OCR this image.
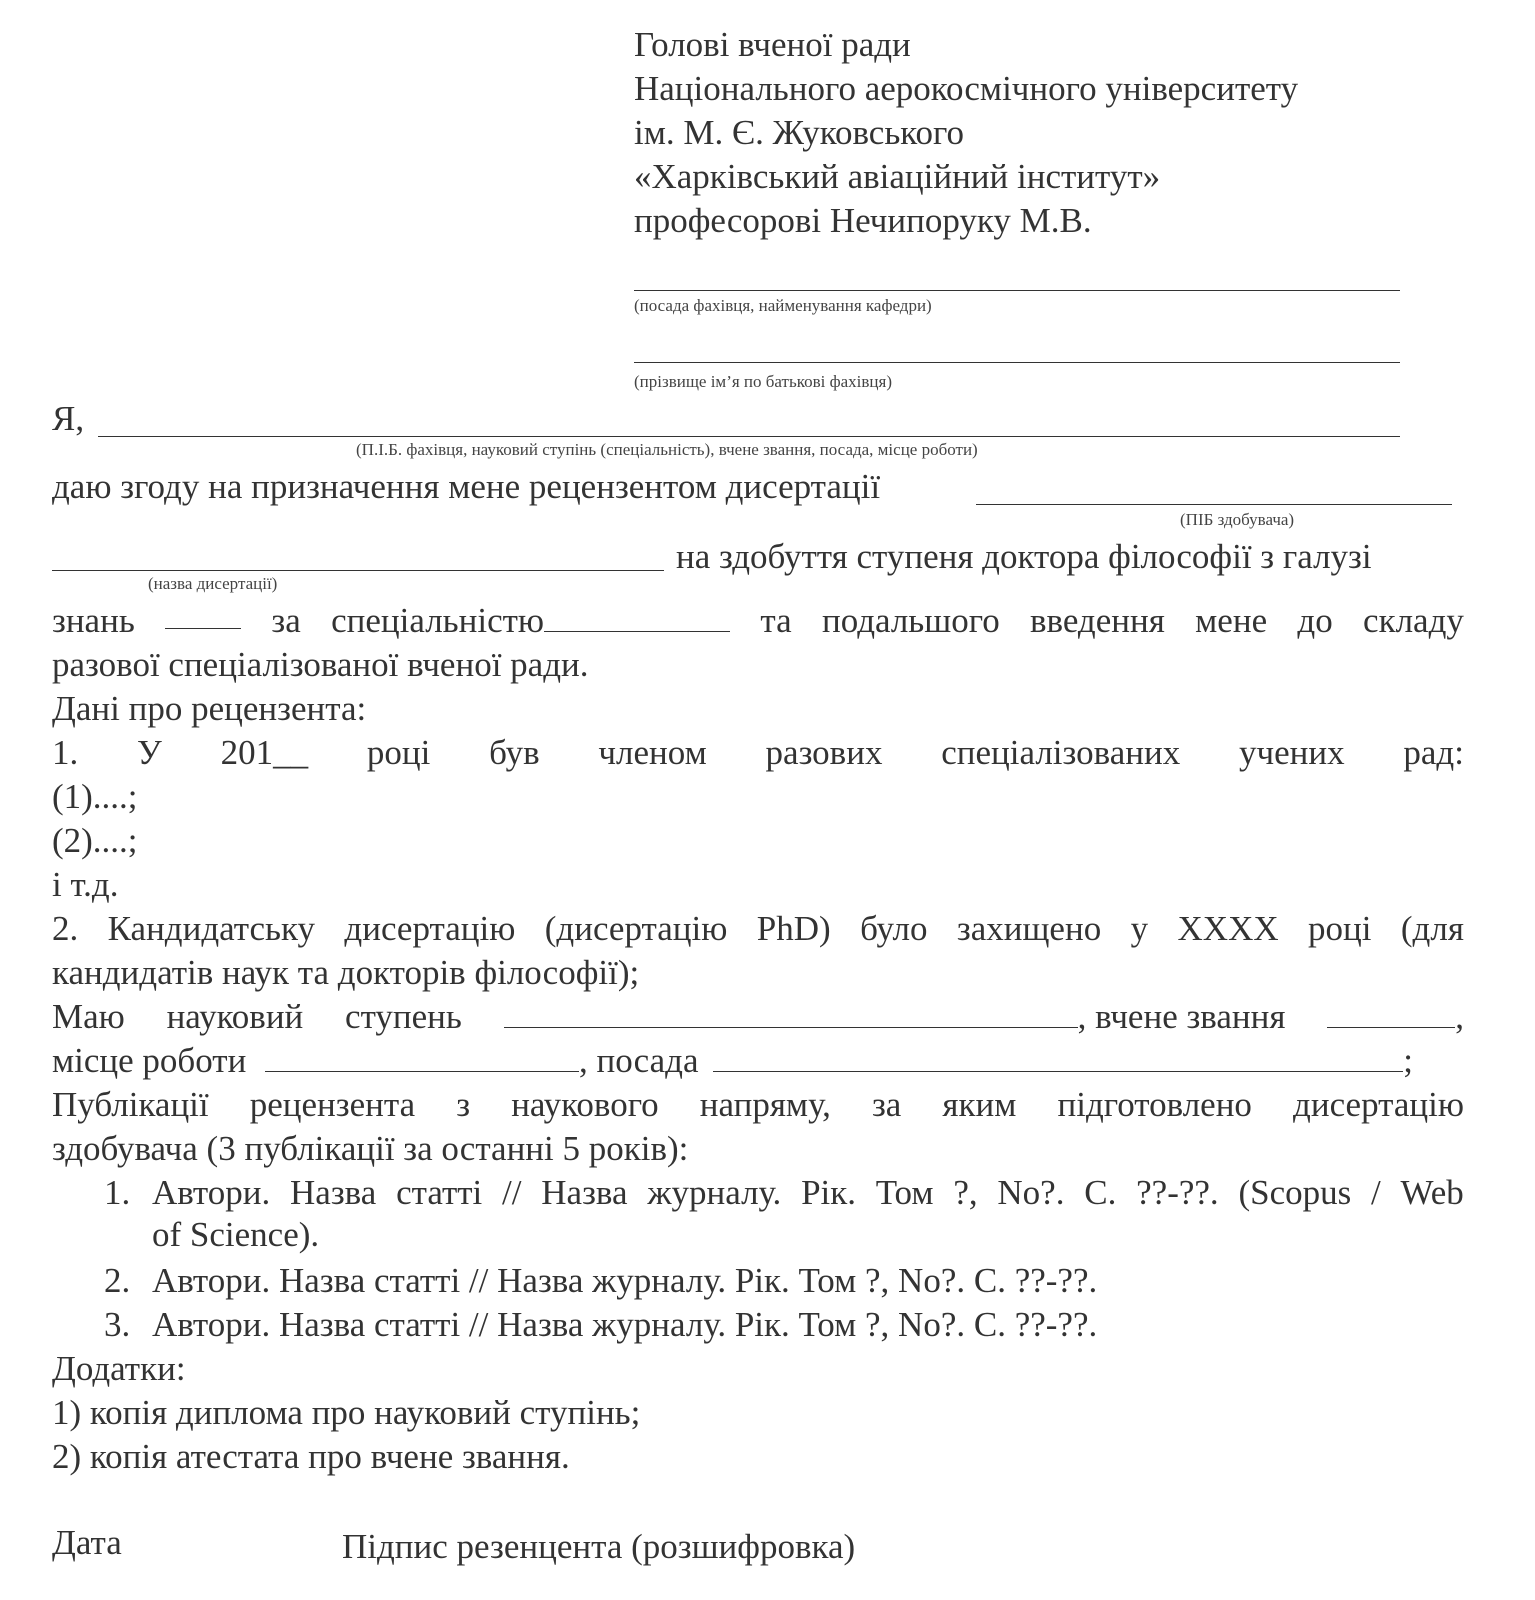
Голові вченої ради
Національного аерокосмічного університету
ім. М. Є. Жуковського
«Харківський авіаційний інститут»
професорові Нечипоруку М.В.
(посада фахівця, найменування кафедри)
(прізвище ім’я по батькові фахівця)
Я,
(П.І.Б. фахівця, науковий ступінь (спеціальність), вчене звання, посада, місце роботи)
даю згоду на призначення мене рецензентом дисертації
(ПІБ здобувача)
на здобуття ступеня доктора філософії з галузі
(назва дисертації)
знань	за спеціальністю	та подальшого введення мене до складу
разової спеціалізованої вченої ради.
Дані про рецензента:
1. У 201__ році був членом разових спеціалізованих учених рад:
(1)....;
(2)....;
і т.д.
2. Кандидатську дисертацію (дисертацію PhD) було захищено у XXXX році (для
кандидатів наук та докторів філософії);
Маю науковий ступень	, вчене звання	,
місце роботи	, посада	;
Публікації рецензента з наукового напряму, за яким підготовлено дисертацію
здобувача (3 публікації за останні 5 років):
1. Автори. Назва статті // Назва журналу. Рік. Том ?, No?. С. ??-??. (Scopus / Web
of Science).
2. Автори. Назва статті // Назва журналу. Рік. Том ?, No?. С. ??-??.
3. Автори. Назва статті // Назва журналу. Рік. Том ?, No?. С. ??-??.
Додатки:
1) копія диплома про науковий ступінь;
2) копія атестата про вчене звання.
Дата	Підпис резенцента (розшифровка)
